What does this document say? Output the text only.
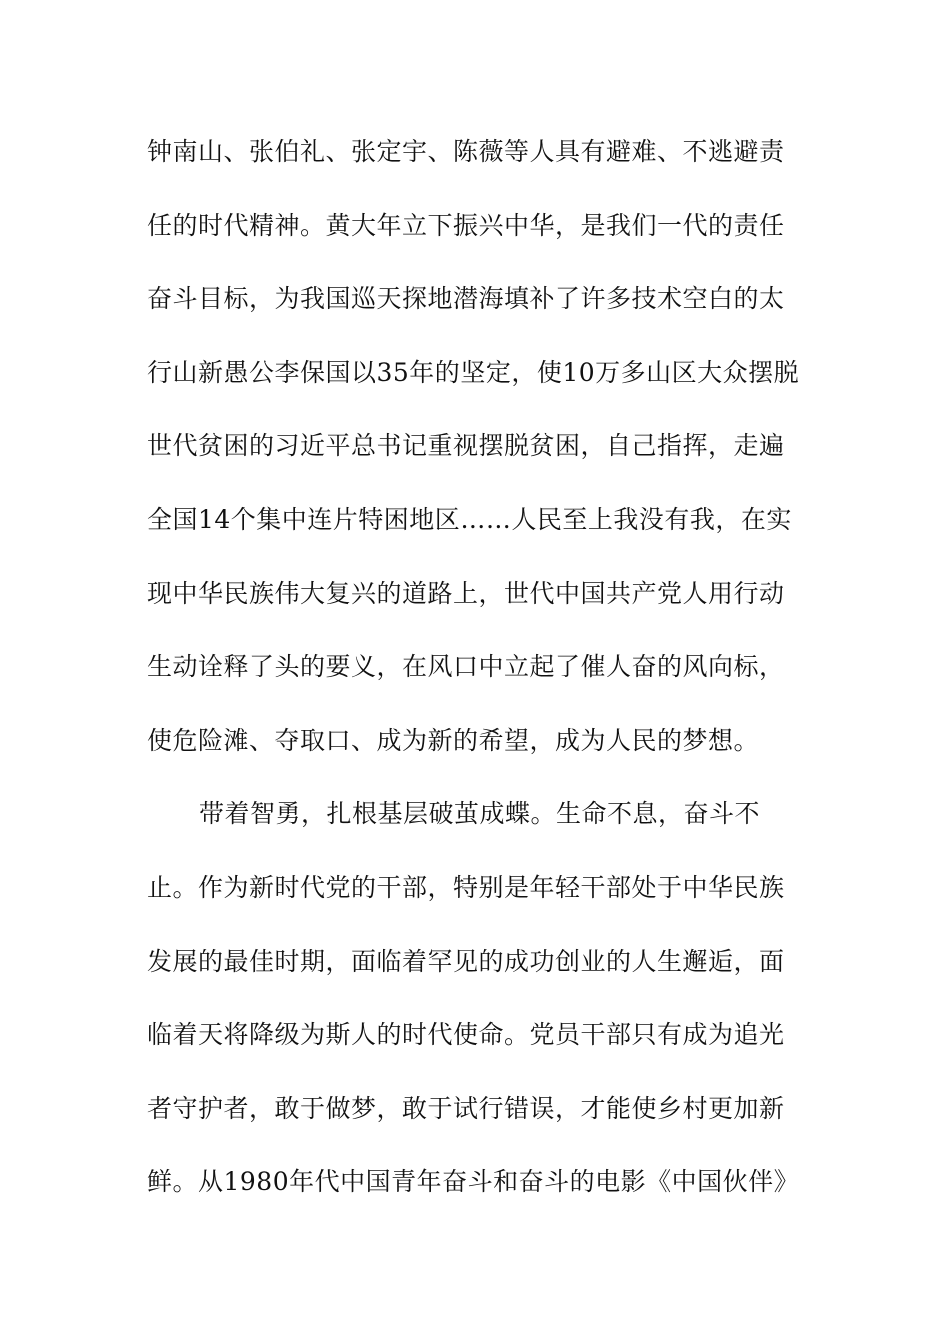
钟南山、张伯礼、张定宇、陈薇等人具有避难、不逃避责
任的时代精神。黄大年立下振兴中华，是我们一代的责任
奋斗目标，为我国巡天探地潜海填补了许多技术空白的太
行山新愚公李保国以35年的坚定，使10万多山区大众摆脱
世代贫困的习近平总书记重视摆脱贫困，自己指挥，走遍
全国14个集中连片特困地区……人民至上我没有我，在实
现中华民族伟大复兴的道路上，世代中国共产党人用行动
生动诠释了头的要义，在风口中立起了催人奋的风向标，
使危险滩、夺取口、成为新的希望，成为人民的梦想。
带着智勇，扎根基层破茧成蝶。生命不息，奋斗不
止。作为新时代党的干部，特别是年轻干部处于中华民族
发展的最佳时期，面临着罕见的成功创业的人生邂逅，面
临着天将降级为斯人的时代使命。党员干部只有成为追光
者守护者，敢于做梦，敢于试行错误，才能使乡村更加新
鲜。从1980年代中国青年奋斗和奋斗的电影《中国伙伴》
